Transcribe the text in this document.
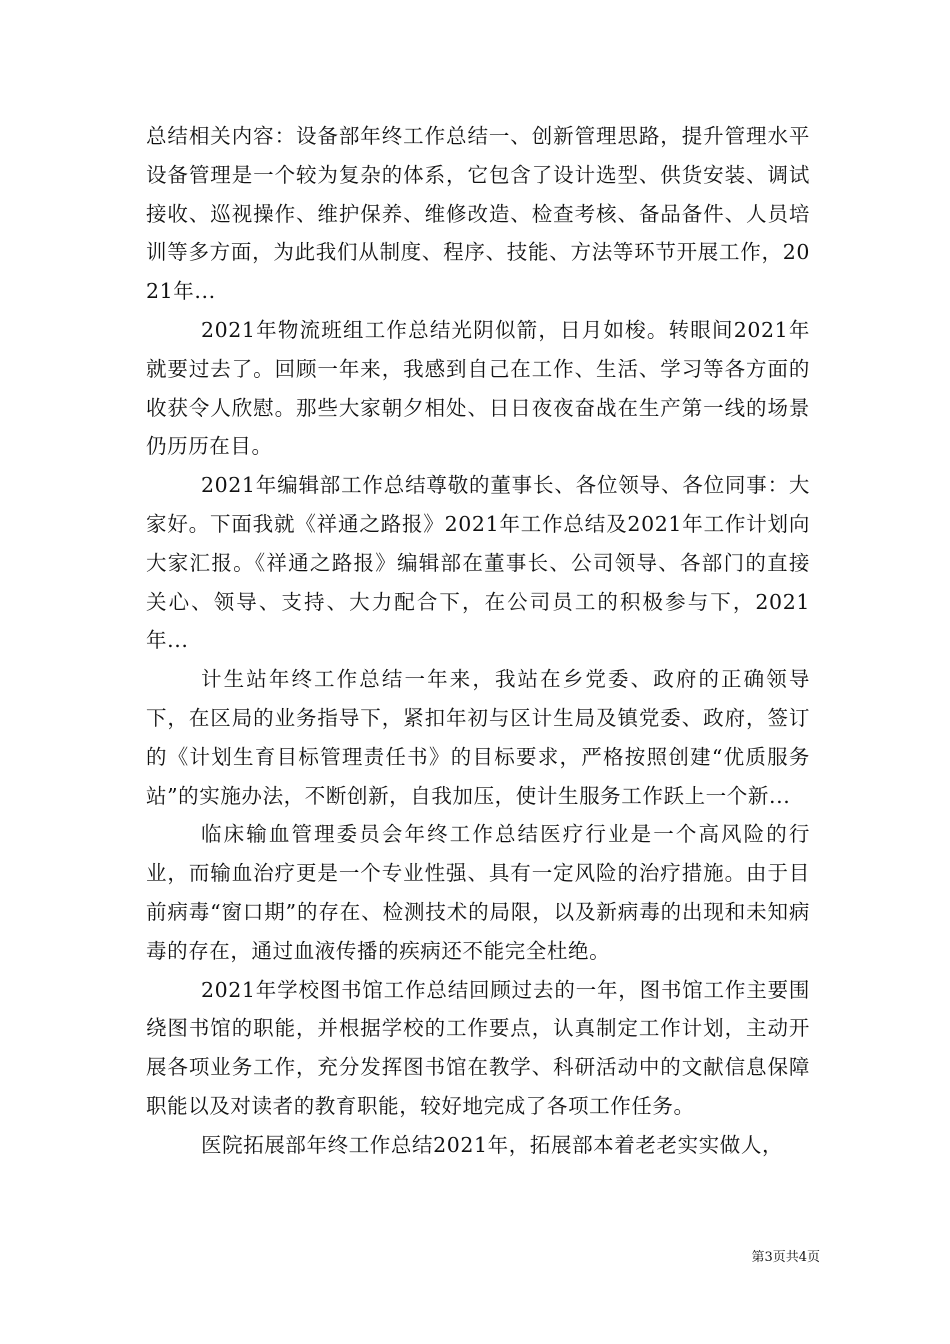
总结相关内容：设备部年终工作总结一、创新管理思路，提升管理水平设备管理是一个较为复杂的体系，它包含了设计选型、供货安装、调试接收、巡视操作、维护保养、维修改造、检查考核、备品备件、人员培训等多方面，为此我们从制度、程序、技能、方法等环节开展工作，2021年...

2021年物流班组工作总结光阴似箭，日月如梭。转眼间2021年就要过去了。回顾一年来，我感到自己在工作、生活、学习等各方面的收获令人欣慰。那些大家朝夕相处、日日夜夜奋战在生产第一线的场景仍历历在目。

2021年编辑部工作总结尊敬的董事长、各位领导、各位同事：大家好。下面我就《祥通之路报》2021年工作总结及2021年工作计划向大家汇报。《祥通之路报》编辑部在董事长、公司领导、各部门的直接关心、领导、支持、大力配合下，在公司员工的积极参与下，2021年...

计生站年终工作总结一年来，我站在乡党委、政府的正确领导下，在区局的业务指导下，紧扣年初与区计生局及镇党委、政府，签订的《计划生育目标管理责任书》的目标要求，严格按照创建“优质服务站”的实施办法，不断创新，自我加压，使计生服务工作跃上一个新...

临床输血管理委员会年终工作总结医疗行业是一个高风险的行业，而输血治疗更是一个专业性强、具有一定风险的治疗措施。由于目前病毒“窗口期”的存在、检测技术的局限，以及新病毒的出现和未知病毒的存在，通过血液传播的疾病还不能完全杜绝。

2021年学校图书馆工作总结回顾过去的一年，图书馆工作主要围绕图书馆的职能，并根据学校的工作要点，认真制定工作计划，主动开展各项业务工作，充分发挥图书馆在教学、科研活动中的文献信息保障职能以及对读者的教育职能，较好地完成了各项工作任务。

医院拓展部年终工作总结2021年，拓展部本着老老实实做人，

第3页共4页
